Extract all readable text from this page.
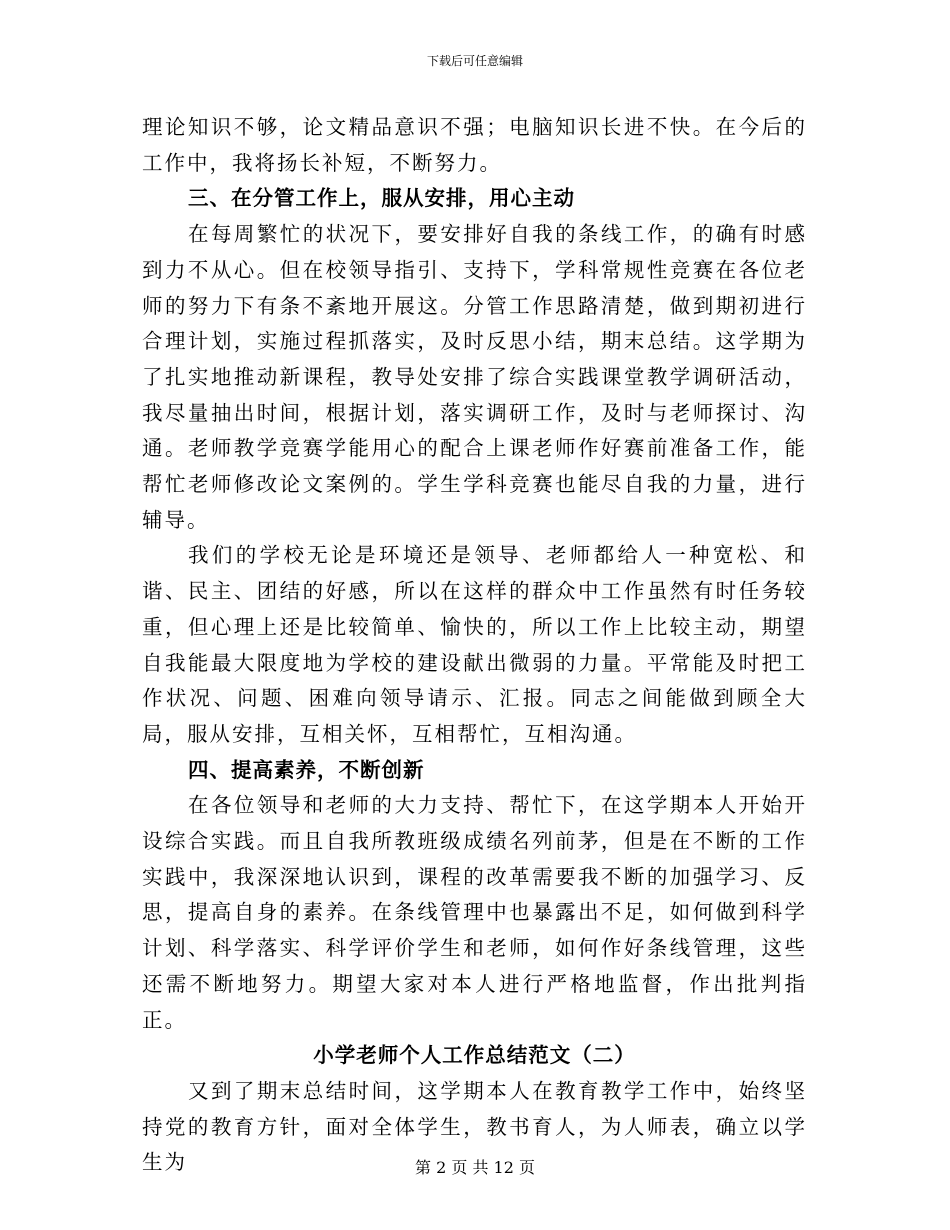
下载后可任意编辑

理论知识不够，论文精品意识不强；电脑知识长进不快。在今后的工作中，我将扬长补短，不断努力。

三、在分管工作上，服从安排，用心主动

在每周繁忙的状况下，要安排好自我的条线工作，的确有时感到力不从心。但在校领导指引、支持下，学科常规性竞赛在各位老师的努力下有条不紊地开展这。分管工作思路清楚，做到期初进行合理计划，实施过程抓落实，及时反思小结，期末总结。这学期为了扎实地推动新课程，教导处安排了综合实践课堂教学调研活动，我尽量抽出时间，根据计划，落实调研工作，及时与老师探讨、沟通。老师教学竞赛学能用心的配合上课老师作好赛前准备工作，能帮忙老师修改论文案例的。学生学科竞赛也能尽自我的力量，进行辅导。

我们的学校无论是环境还是领导、老师都给人一种宽松、和谐、民主、团结的好感，所以在这样的群众中工作虽然有时任务较重，但心理上还是比较简单、愉快的，所以工作上比较主动，期望自我能最大限度地为学校的建设献出微弱的力量。平常能及时把工作状况、问题、困难向领导请示、汇报。同志之间能做到顾全大局，服从安排，互相关怀，互相帮忙，互相沟通。

四、提高素养，不断创新

在各位领导和老师的大力支持、帮忙下，在这学期本人开始开设综合实践。而且自我所教班级成绩名列前茅，但是在不断的工作实践中，我深深地认识到，课程的改革需要我不断的加强学习、反思，提高自身的素养。在条线管理中也暴露出不足，如何做到科学计划、科学落实、科学评价学生和老师，如何作好条线管理，这些还需不断地努力。期望大家对本人进行严格地监督，作出批判指正。

小学老师个人工作总结范文（二）

又到了期末总结时间，这学期本人在教育教学工作中，始终坚持党的教育方针，面对全体学生，教书育人，为人师表，确立以学生为	第 2 页 共 12 页
